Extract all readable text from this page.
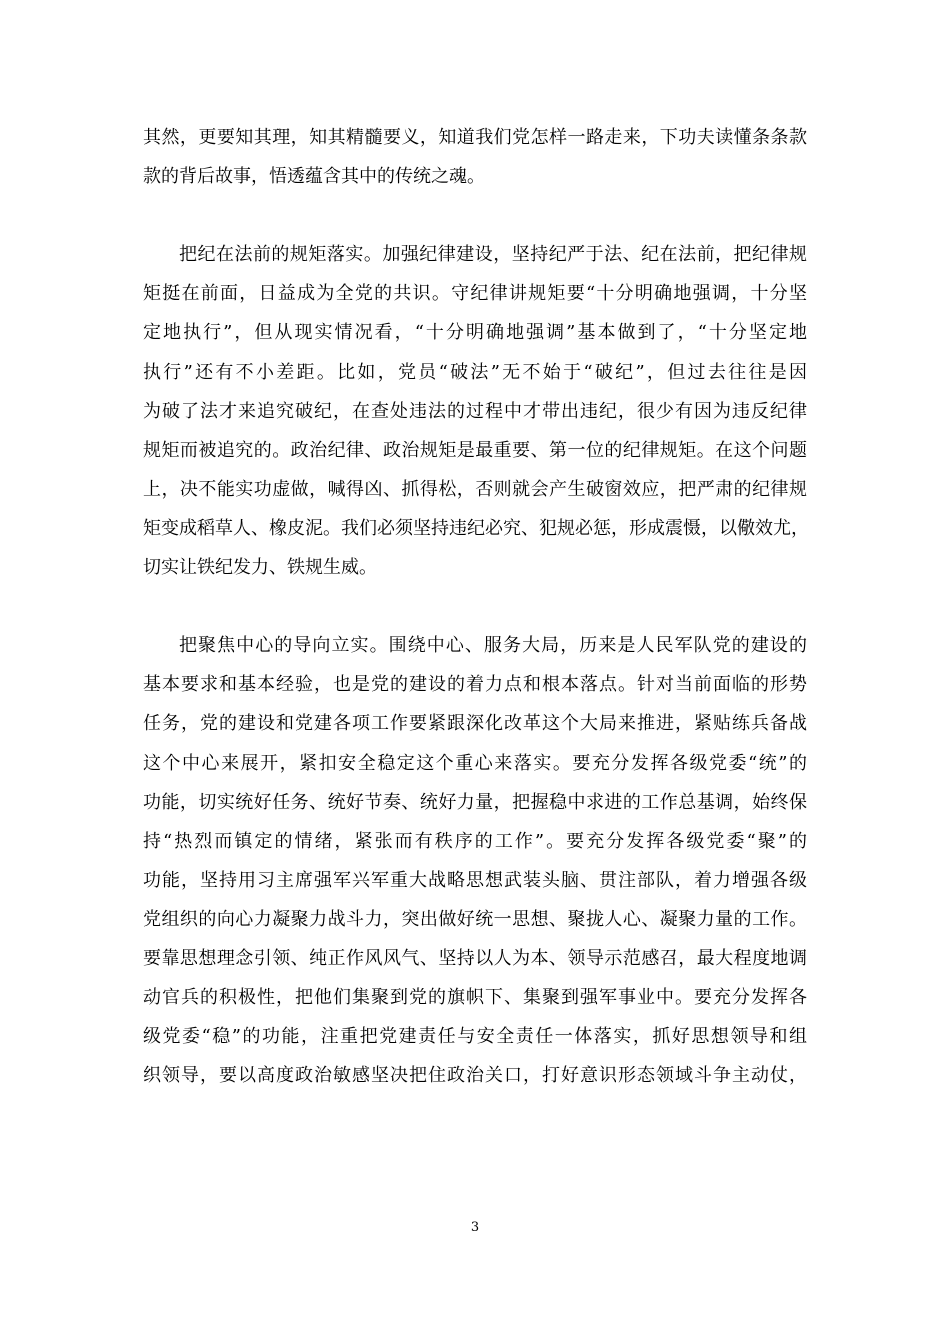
其然，更要知其理，知其精髓要义，知道我们党怎样一路走来，下功夫读懂条条款
款的背后故事，悟透蕴含其中的传统之魂。
把纪在法前的规矩落实。加强纪律建设，坚持纪严于法、纪在法前，把纪律规
矩挺在前面，日益成为全党的共识。守纪律讲规矩要“十分明确地强调，十分坚
定地执行”，但从现实情况看，“十分明确地强调”基本做到了，“十分坚定地
执行”还有不小差距。比如，党员“破法”无不始于“破纪”，但过去往往是因
为破了法才来追究破纪，在查处违法的过程中才带出违纪，很少有因为违反纪律
规矩而被追究的。政治纪律、政治规矩是最重要、第一位的纪律规矩。在这个问题
上，决不能实功虚做，喊得凶、抓得松，否则就会产生破窗效应，把严肃的纪律规
矩变成稻草人、橡皮泥。我们必须坚持违纪必究、犯规必惩，形成震慑，以儆效尤，
切实让铁纪发力、铁规生威。
把聚焦中心的导向立实。围绕中心、服务大局，历来是人民军队党的建设的
基本要求和基本经验，也是党的建设的着力点和根本落点。针对当前面临的形势
任务，党的建设和党建各项工作要紧跟深化改革这个大局来推进，紧贴练兵备战
这个中心来展开，紧扣安全稳定这个重心来落实。要充分发挥各级党委“统”的
功能，切实统好任务、统好节奏、统好力量，把握稳中求进的工作总基调，始终保
持“热烈而镇定的情绪，紧张而有秩序的工作”。要充分发挥各级党委“聚”的
功能，坚持用习主席强军兴军重大战略思想武装头脑、贯注部队，着力增强各级
党组织的向心力凝聚力战斗力，突出做好统一思想、聚拢人心、凝聚力量的工作。
要靠思想理念引领、纯正作风风气、坚持以人为本、领导示范感召，最大程度地调
动官兵的积极性，把他们集聚到党的旗帜下、集聚到强军事业中。要充分发挥各
级党委“稳”的功能，注重把党建责任与安全责任一体落实，抓好思想领导和组
织领导，要以高度政治敏感坚决把住政治关口，打好意识形态领域斗争主动仗，
3
